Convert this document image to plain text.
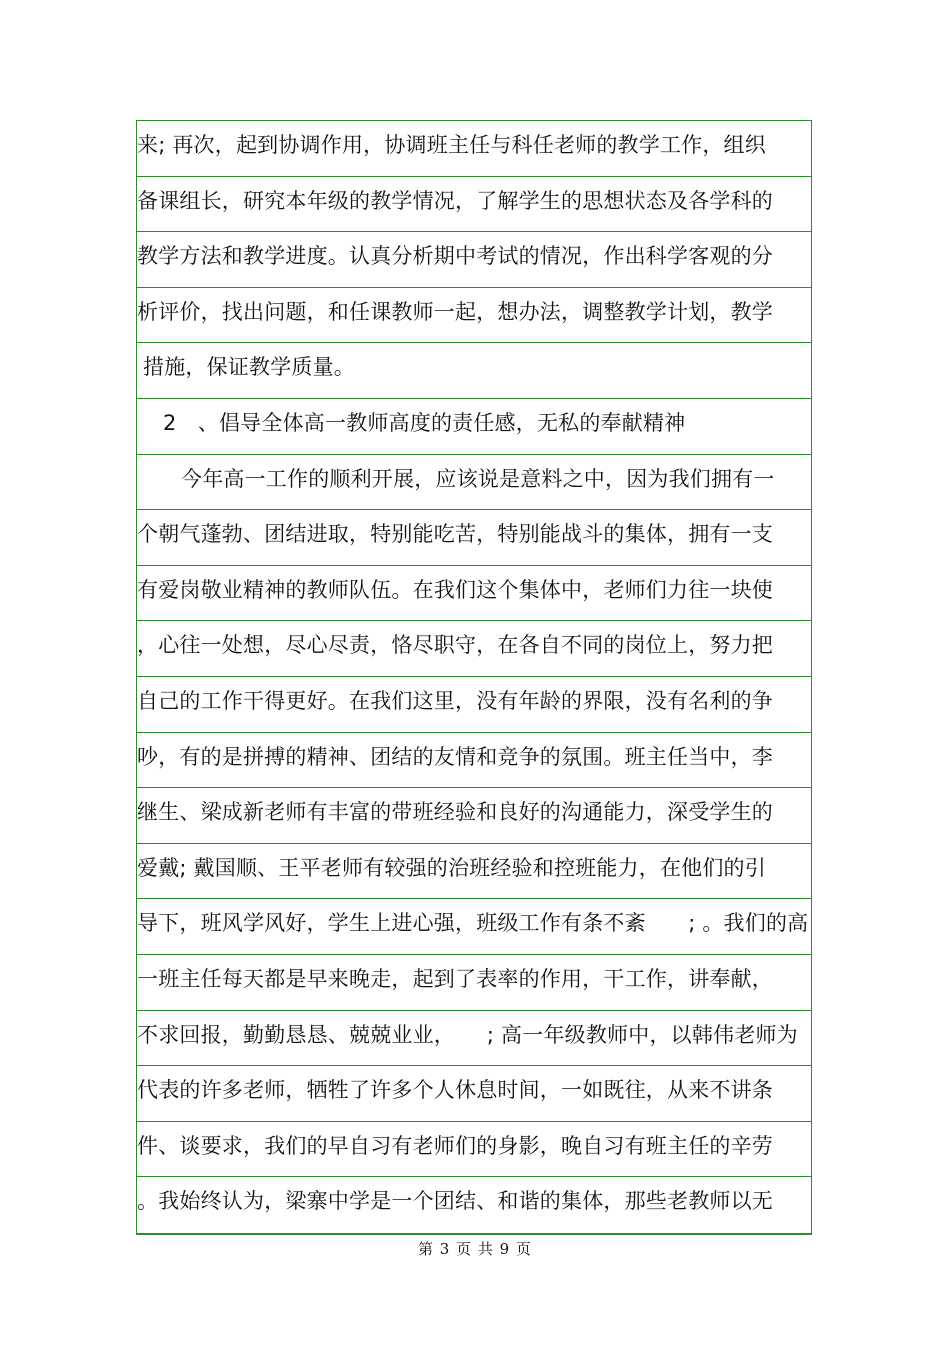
来; 再次，起到协调作用，协调班主任与科任老师的教学工作，组织
备课组长，研究本年级的教学情况，了解学生的思想状态及各学科的
教学方法和教学进度。认真分析期中考试的情况，作出科学客观的分
析评价，找出问题，和任课教师一起，想办法，调整教学计划，教学
措施，保证教学质量。
2　、倡导全体高一教师高度的责任感，无私的奉献精神
今年高一工作的顺利开展，应该说是意料之中，因为我们拥有一
个朝气蓬勃、团结进取，特别能吃苦，特别能战斗的集体，拥有一支
有爱岗敬业精神的教师队伍。在我们这个集体中，老师们力往一块使
，心往一处想，尽心尽责，恪尽职守，在各自不同的岗位上，努力把
自己的工作干得更好。在我们这里，没有年龄的界限，没有名利的争
吵，有的是拼搏的精神、团结的友情和竞争的氛围。班主任当中，李
继生、梁成新老师有丰富的带班经验和良好的沟通能力，深受学生的
爱戴; 戴国顺、王平老师有较强的治班经验和控班能力，在他们的引
导下，班风学风好，学生上进心强，班级工作有条不紊　　; 。我们的高
一班主任每天都是早来晚走，起到了表率的作用，干工作，讲奉献，
不求回报，勤勤恳恳、兢兢业业，　　; 高一年级教师中，以韩伟老师为
代表的许多老师，牺牲了许多个人休息时间，一如既往，从来不讲条
件、谈要求，我们的早自习有老师们的身影，晚自习有班主任的辛劳
。我始终认为，梁寨中学是一个团结、和谐的集体，那些老教师以无
第 3 页 共 9 页
